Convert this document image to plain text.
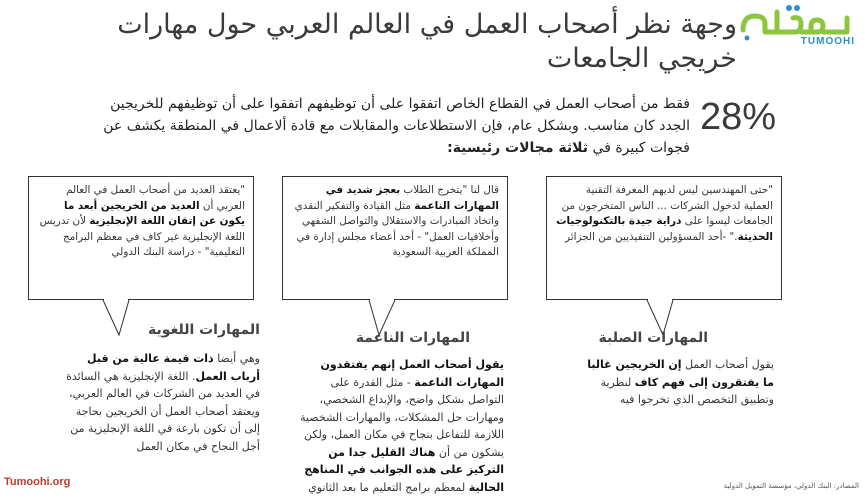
وجهة نظر أصحاب العمل في العالم العربي حول مهارات خريجي الجامعات
TUMOOHI
28%
فقط من أصحاب العمل في القطاع الخاص اتفقوا على أن توظيفهم اتفقوا على أن توظيفهم للخريجين الجدد كان مناسب. وبشكل عام، فإن الاستطلاعات والمقابلات مع قادة ألاعمال في المنطقة يكشف عن فجوات كبيرة في ثلاثة مجالات رئيسية:
"يعتقد العديد من أصحاب العمل في العالم العربي أن العديد من الخريجين أبعد ما يكون عن إتقان اللغة الإنجليزية لأن تدريس اللغة الإنجليزية غير كاف في معظم البرامج التعليمية" - دراسة البنك الدولي
قال لنا "يتخرج الطلاب بعجز شديد في المهارات الناعمة مثل القيادة والتفكير النقدي واتخاذ المبادرات والاستقلال والتواصل الشفهي وأخلاقيات العمل" - أحد أعضاء مجلس إدارة في المملكة العربية السعودية
"حتى المهندسين ليس لديهم المعرفة التقنية العملية لدخول الشركات ... الناس المتخرجون من الجامعات ليسوا على دراية جيدة بالتكنولوجيات الحديثة." -أحد المسؤولين التنفيذيين من الجزائر
المهارات اللغوية	المهارات الناعمة	المهارات الصلبة
وهي أيضا ذات قيمة عالية من قبل أرباب العمل. اللغة الإنجليزية هي السائدة في العديد من الشركات في العالم العربي، ويعتقد أصحاب العمل أن الخريجين بحاجة إلى أن تكون بارعة في اللغة الإنجليزية من أجل النجاح في مكان العمل
يقول أصحاب العمل إنهم يفتقدون المهارات الناعمة - مثل القدرة على التواصل بشكل واضح، والإبداع الشخصي، ومهارات حل المشكلات، والمهارات الشخصية اللازمة للتفاعل بنجاح في مكان العمل، ولكن يشكون من أن هناك القليل جدا من التركيز على هذه الجوانب في المناهج الحالية لمعظم برامج التعليم ما بعد الثانوي
يقول أصحاب العمل إن الخريجين غالبا ما يفتقرون إلى فهم كاف لنظرية وتطبيق التخصص الذي تخرجوا فيه
Tumoohi.org	المصادر: البنك الدولي، مؤسسة التمويل الدولية
